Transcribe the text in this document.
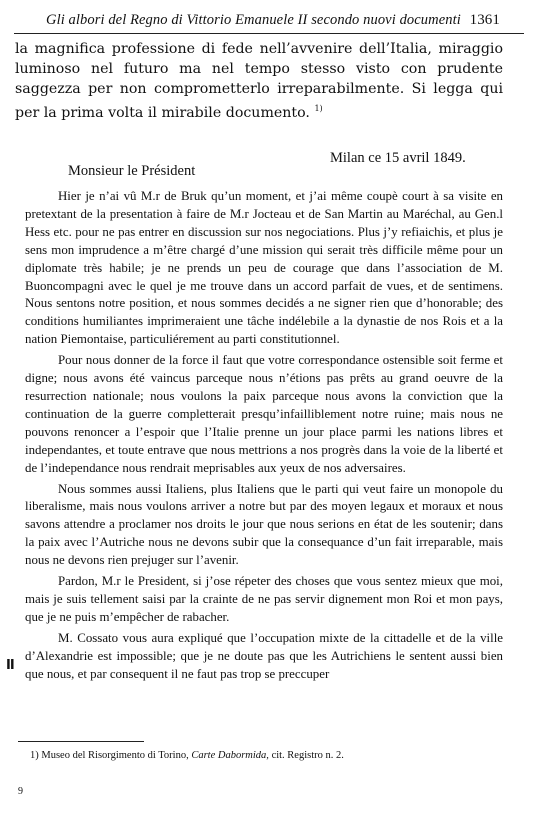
Gli albori del Regno di Vittorio Emanuele II secondo nuovi documenti 1361

la magnifica professione di fede nell’avvenire dell’Italia, miraggio luminoso nel futuro ma nel tempo stesso visto con prudente saggezza per non comprometterlo irreparabilmente. Si legga qui per la prima volta il mirabile documento. $^{1)}$

Milan ce 15 avril 1849.
Monsieur le Président

Hier je n’ai vû M.r de Bruk qu’un moment, et j’ai même coupè court à sa visite en pretextant de la presentation à faire de M.r Jocteau et de San Martin au Maréchal, au Gen.l Hess etc. pour ne pas entrer en discussion sur nos negociations. Plus j’y refiaichis, et plus je sens mon imprudence a m’être chargé d’une mission qui serait très difficile même pour un diplomate très habile; je ne prends un peu de courage que dans l’association de M. Buoncompagni avec le quel je me trouve dans un accord parfait de vues, et de sentimens. Nous sentons notre position, et nous sommes decidés a ne signer rien que d’honorable; des conditions humiliantes imprimeraient une tâche indélebile a la dynastie de nos Rois et a la nation Piemontaise, particuliérement au parti constitutionnel.

Pour nous donner de la force il faut que votre correspondance ostensible soit ferme et digne; nous avons été vaincus parceque nous n’étions pas prêts au grand oeuvre de la resurrection nationale; nous voulons la paix parceque nous avons la conviction que la continuation de la guerre completterait presqu’infailliblement notre ruine; mais nous ne pouvons renoncer a l’espoir que l’Italie prenne un jour place parmi les nations libres et independantes, et toute entrave que nous mettrions a nos progrès dans la voie de la liberté et de l’independance nous rendrait meprisables aux yeux de nos adversaires.

Nous sommes aussi Italiens, plus Italiens que le parti qui veut faire un monopole du liberalisme, mais nous voulons arriver a notre but par des moyen legaux et moraux et nous savons attendre a proclamer nos droits le jour que nous serions en état de les soutenir; dans la paix avec l’Autriche nous ne devons subir que la consequance d’un fait irreparable, mais nous ne devons rien prejuger sur l’avenir.

Pardon, M.r le President, si j’ose répeter des choses que vous sentez mieux que moi, mais je suis tellement saisi par la crainte de ne pas servir dignement mon Roi et mon pays, que je ne puis m’empêcher de rabacher.

M. Cossato vous aura expliqué que l’occupation mixte de la cittadelle et de la ville d’Alexandrie est impossible; que je ne doute pas que les Autrichiens le sentent aussi bien que nous, et par consequent il ne faut pas trop se preccuper

II
1) Museo del Risorgimento di Torino, Carte Dabormida, cit. Registro n. 2.
9
